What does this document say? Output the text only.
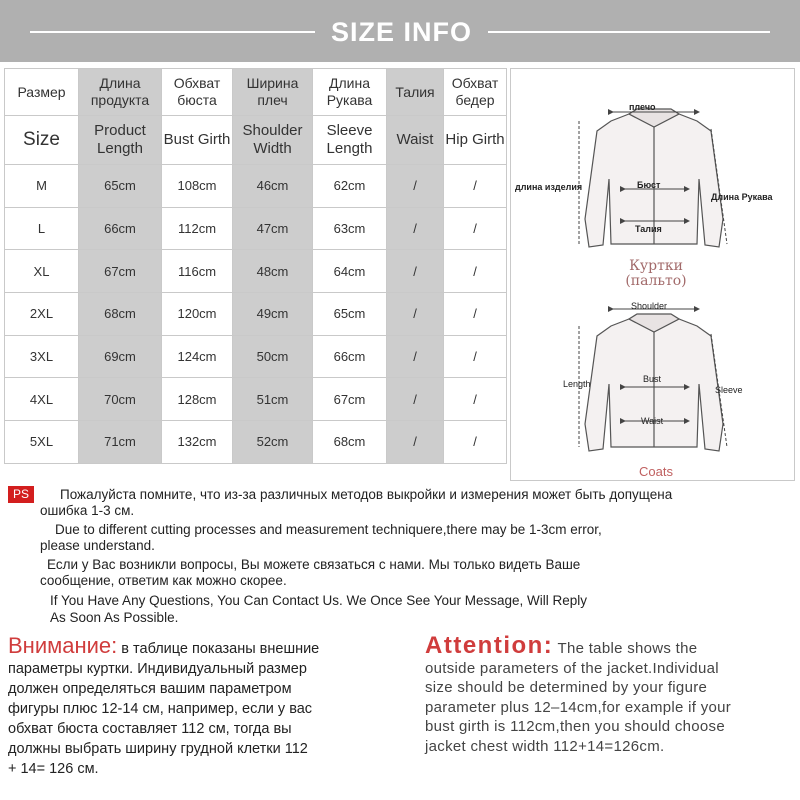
SIZE INFO
Размер	Длина продукта	Обхват бюста	Ширина плеч	Длина Рукава	Талия	Обхват бедер
Size	Product Length	Bust Girth	Shoulder Width	Sleeve Length	Waist	Hip Girth
M	65cm	108cm	46cm	62cm	/	/
L	66cm	112cm	47cm	63cm	/	/
XL	67cm	116cm	48cm	64cm	/	/
2XL	68cm	120cm	49cm	65cm	/	/
3XL	69cm	124cm	50cm	66cm	/	/
4XL	70cm	128cm	51cm	67cm	/	/
5XL	71cm	132cm	52cm	68cm	/	/
плечо
длина изделия	Бюст
Талия
Длина Рукава
Куртки
(пальто)
Shoulder
Length	Bust
Waist
Sleeve
Coats
PS	Пожалуйста помните, что из-за различных методов выкройки и измерения может быть допущена
ошибка 1-3 см.
Due to different cutting processes and measurement techniquere,there may be 1-3cm error,
please understand.
Если у Вас возникли вопросы, Вы можете связаться с нами. Мы только видеть Ваше
сообщение, ответим как можно скорее.
If You Have Any Questions, You Can Contact Us. We Once See Your Message, Will Reply
As Soon As Possible.
Внимание: в таблице показаны внешние
параметры куртки. Индивидуальный размер
должен определяться вашим параметром
фигуры плюс 12-14 см, например, если у вас
обхват бюста составляет 112 см, тогда вы
должны выбрать ширину грудной клетки 112
+ 14= 126 см.
Attention: The table shows the
outside parameters of the jacket.Individual
size should be determined by your figure
parameter plus 12–14cm,for example if your
bust girth is 112cm,then you should choose
jacket chest width 112+14=126cm.
